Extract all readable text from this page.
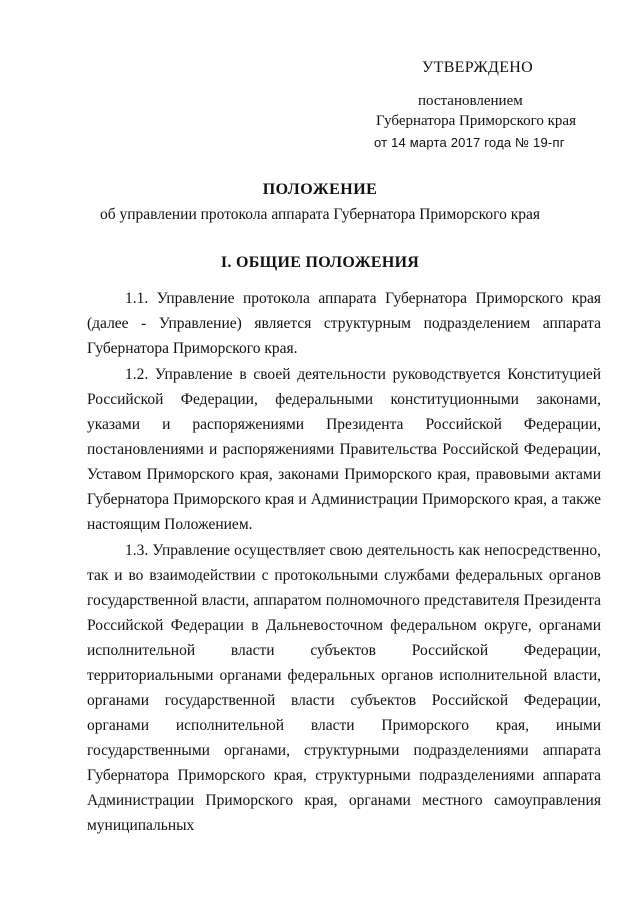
УТВЕРЖДЕНО
постановлением
Губернатора Приморского края
от 14 марта 2017 года № 19-пг
ПОЛОЖЕНИЕ
об управлении протокола аппарата Губернатора Приморского края
I. ОБЩИЕ ПОЛОЖЕНИЯ

1.1. Управление протокола аппарата Губернатора Приморского края (далее - Управление) является структурным подразделением аппарата Губернатора Приморского края.

1.2. Управление в своей деятельности руководствуется Конституцией Российской Федерации, федеральными конституционными законами, указами и распоряжениями Президента Российской Федерации, постановлениями и распоряжениями Правительства Российской Федерации, Уставом Приморского края, законами Приморского края, правовыми актами Губернатора Приморского края и Администрации Приморского края, а также настоящим Положением.

1.3. Управление осуществляет свою деятельность как непосредственно, так и во взаимодействии с протокольными службами федеральных органов государственной власти, аппаратом полномочного представителя Президента Российской Федерации в Дальневосточном федеральном округе, органами исполнительной власти субъектов Российской Федерации, территориальными органами федеральных органов исполнительной власти, органами государственной власти субъектов Российской Федерации, органами исполнительной власти Приморского края, иными государственными органами, структурными подразделениями аппарата Губернатора Приморского края, структурными подразделениями аппарата Администрации Приморского края, органами местного самоуправления муниципальных
